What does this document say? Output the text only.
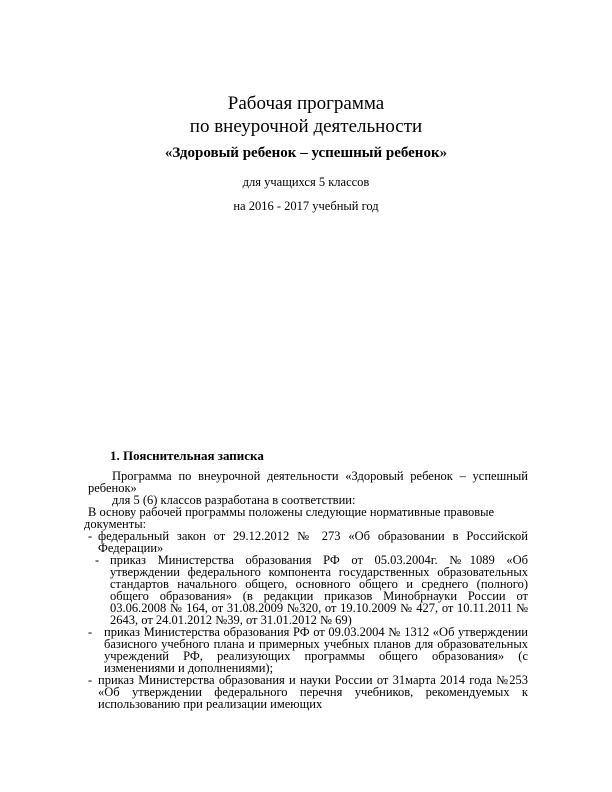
Рабочая программа
по внеурочной деятельности
«Здоровый ребенок – успешный ребенок»
для учащихся 5 классов
на 2016 - 2017 учебный год
1. Пояснительная записка

Программа по внеурочной деятельности «Здоровый ребенок – успешный ребенок»

для 5 (6) классов разработана в соответствии:

В основу рабочей программы положены следующие нормативные правовые документы:

- федеральный закон от 29.12.2012 № 273 «Об образовании в Российской Федерации»
- приказ Министерства образования РФ от 05.03.2004г. №1089 «Об утверждении федерального компонента государственных образовательных стандартов начального общего, основного общего и среднего (полного) общего образования» (в редакции приказов Минобрнауки России от 03.06.2008 № 164, от 31.08.2009 №320, от 19.10.2009 № 427, от 10.11.2011 № 2643, от 24.01.2012 №39, от 31.01.2012 № 69)
- приказ Министерства образования РФ от 09.03.2004 № 1312 «Об утверждении базисного учебного плана и примерных учебных планов для образовательных учреждений РФ, реализующих программы общего образования» (с изменениями и дополнениями);
- приказ Министерства образования и науки России от 31марта 2014 года №253 «Об утверждении федерального перечня учебников, рекомендуемых к использованию при реализации имеющих
